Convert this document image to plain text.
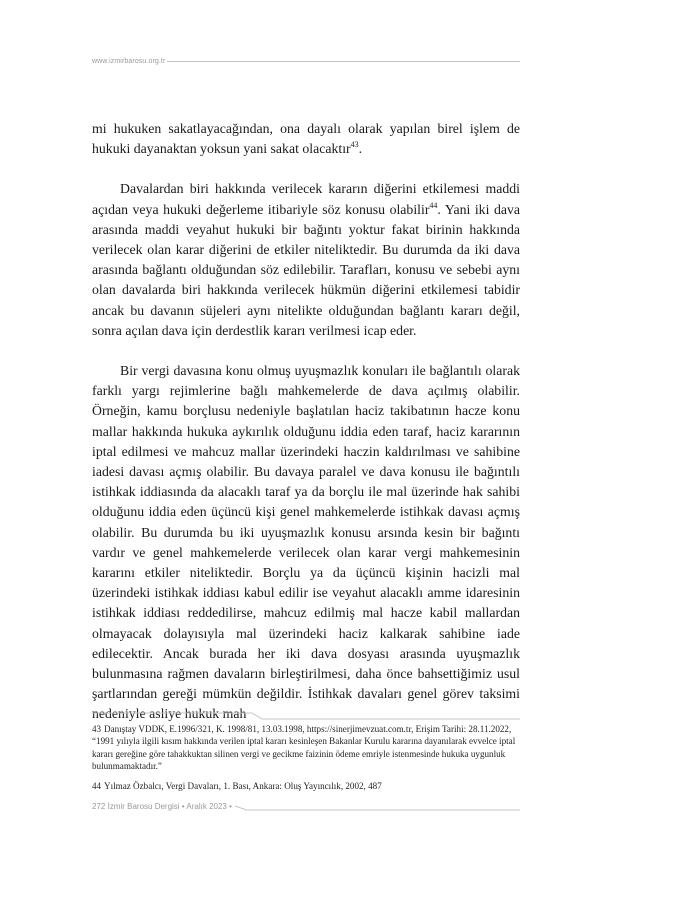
www.izmirbarosu.org.tr

mi hukuken sakatlayacağından, ona dayalı olarak yapılan birel işlem de hukuki dayanaktan yoksun yani sakat olacaktır$^{43}$.

Davalardan biri hakkında verilecek kararın diğerini etkilemesi maddi açıdan veya hukuki değerleme itibariyle söz konusu olabilir$^{44}$. Yani iki dava arasında maddi veyahut hukuki bir bağıntı yoktur fakat birinin hakkında verilecek olan karar diğerini de etkiler niteliktedir. Bu durumda da iki dava arasında bağlantı olduğundan söz edilebilir. Tarafları, konusu ve sebebi aynı olan davalarda biri hakkında verilecek hükmün diğerini etkilemesi tabidir ancak bu davanın süjeleri aynı nitelikte olduğundan bağlantı kararı değil, sonra açılan dava için derdestlik kararı verilmesi icap eder.

Bir vergi davasına konu olmuş uyuşmazlık konuları ile bağlantılı olarak farklı yargı rejimlerine bağlı mahkemelerde de dava açılmış olabilir. Örneğin, kamu borçlusu nedeniyle başlatılan haciz takibatının hacze konu mallar hakkında hukuka aykırılık olduğunu iddia eden taraf, haciz kararının iptal edilmesi ve mahcuz mallar üzerindeki haczin kaldırılması ve sahibine iadesi davası açmış olabilir. Bu davaya paralel ve dava konusu ile bağıntılı istihkak iddiasında da alacaklı taraf ya da borçlu ile mal üzerinde hak sahibi olduğunu iddia eden üçüncü kişi genel mahkemelerde istihkak davası açmış olabilir. Bu durumda bu iki uyuşmazlık konusu arsında kesin bir bağıntı vardır ve genel mahkemelerde verilecek olan karar vergi mahkemesinin kararını etkiler niteliktedir. Borçlu ya da üçüncü kişinin hacizli mal üzerindeki istihkak iddiası kabul edilir ise veyahut alacaklı amme idaresinin istihkak iddiası reddedilirse, mahcuz edilmiş mal hacze kabil mallardan olmayacak dolayısıyla mal üzerindeki haciz kalkarak sahibine iade edilecektir. Ancak burada her iki dava dosyası arasında uyuşmazlık bulunmasına rağmen davaların birleştirilmesi, daha önce bahsettiğimiz usul şartlarından gereği mümkün değildir. İstihkak davaları genel görev taksimi nedeniyle asliye hukuk mah

43 Danıştay VDDK, E.1996/321, K. 1998/81, 13.03.1998, https://sinerjimevzuat.com.tr, Erişim Tarihi: 28.11.2022, “1991 yılıyla ilgili kısım hakkında verilen iptal kararı kesinleşen Bakanlar Kurulu kararına dayanılarak evvelce iptal kararı gereğine göre tahakkuktan silinen vergi ve gecikme faizinin ödeme emriyle istenmesinde hukuka uygunluk bulunmamaktadır.”
44 Yılmaz Özbalcı, Vergi Davaları, 1. Bası, Ankara: Oluş Yayıncılık, 2002, 487
272 İzmir Barosu Dergisi • Aralık 2023 •
